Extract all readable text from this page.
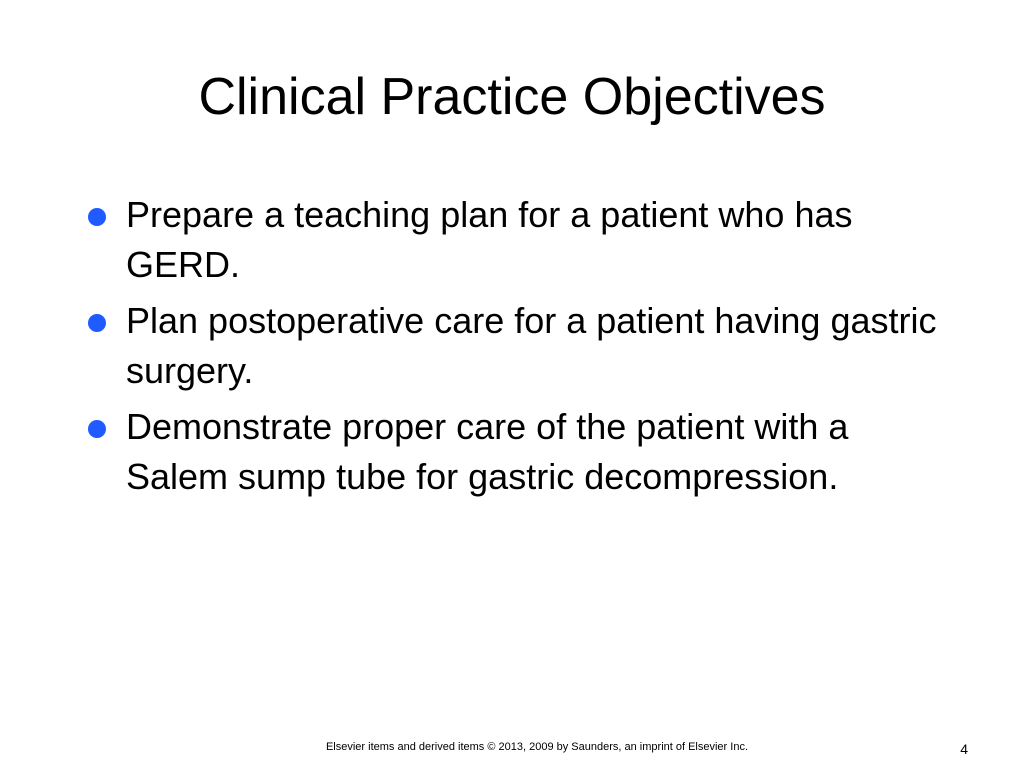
Clinical Practice Objectives
Prepare a teaching plan for a patient who has GERD.
Plan postoperative care for a patient having gastric surgery.
Demonstrate proper care of the patient with a Salem sump tube for gastric decompression.
Elsevier items and derived items © 2013, 2009 by Saunders, an imprint of Elsevier Inc.	4
